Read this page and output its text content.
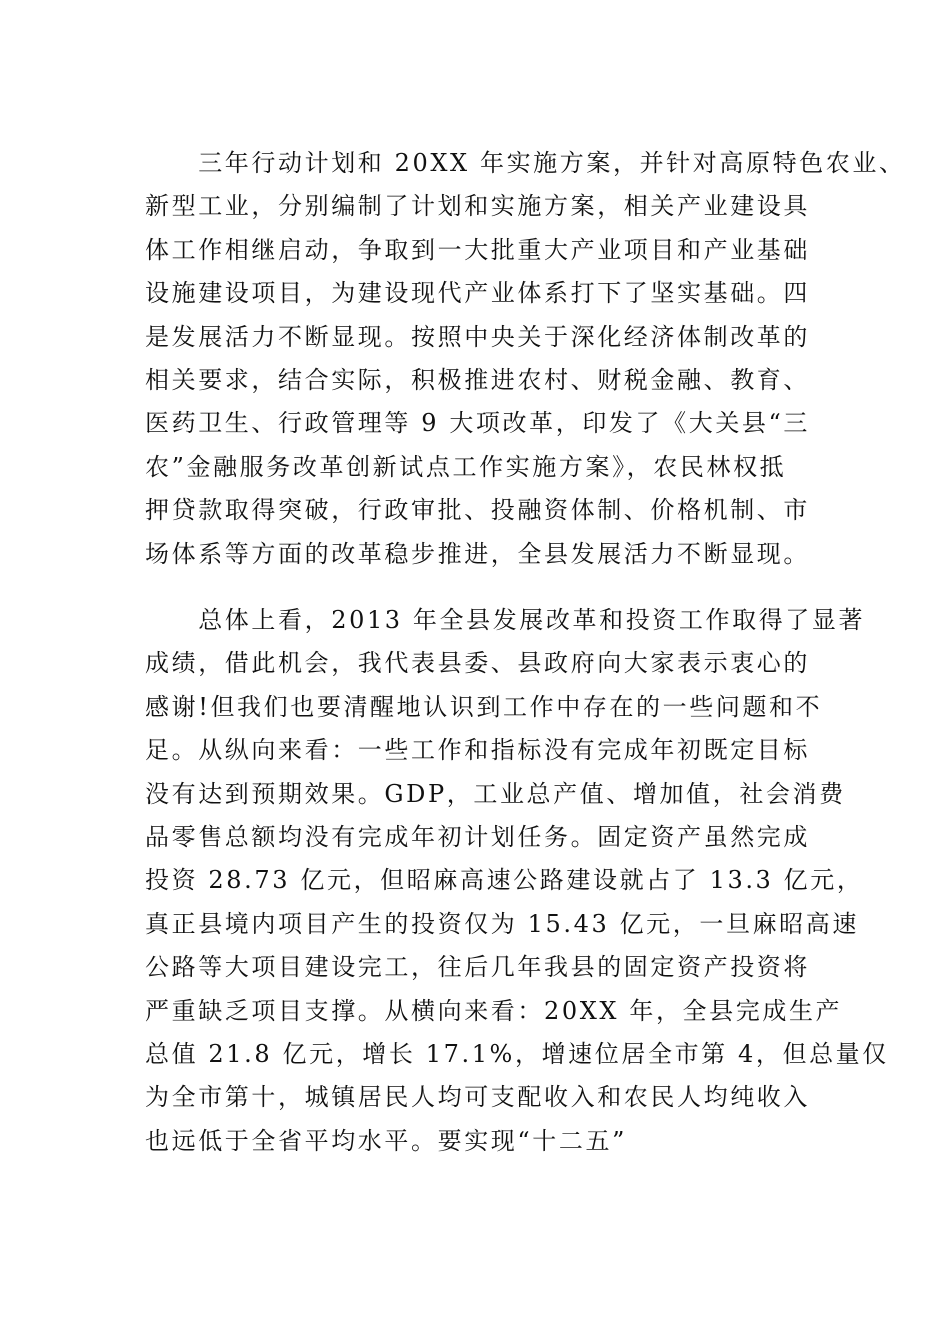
　　三年行动计划和 20XX 年实施方案，并针对高原特色农业、
新型工业，分别编制了计划和实施方案，相关产业建设具
体工作相继启动，争取到一大批重大产业项目和产业基础
设施建设项目，为建设现代产业体系打下了坚实基础。四
是发展活力不断显现。按照中央关于深化经济体制改革的
相关要求，结合实际，积极推进农村、财税金融、教育、
医药卫生、行政管理等 9 大项改革，印发了《大关县“三
农”金融服务改革创新试点工作实施方案》，农民林权抵
押贷款取得突破，行政审批、投融资体制、价格机制、市
场体系等方面的改革稳步推进，全县发展活力不断显现。
　　总体上看，2013 年全县发展改革和投资工作取得了显著
成绩，借此机会，我代表县委、县政府向大家表示衷心的
感谢!但我们也要清醒地认识到工作中存在的一些问题和不
足。从纵向来看：一些工作和指标没有完成年初既定目标
没有达到预期效果。GDP，工业总产值、增加值，社会消费
品零售总额均没有完成年初计划任务。固定资产虽然完成
投资 28.73 亿元，但昭麻高速公路建设就占了 13.3 亿元，
真正县境内项目产生的投资仅为 15.43 亿元，一旦麻昭高速
公路等大项目建设完工，往后几年我县的固定资产投资将
严重缺乏项目支撑。从横向来看：20XX 年，全县完成生产
总值 21.8 亿元，增长 17.1%，增速位居全市第 4，但总量仅
为全市第十，城镇居民人均可支配收入和农民人均纯收入
也远低于全省平均水平。要实现“十二五”
